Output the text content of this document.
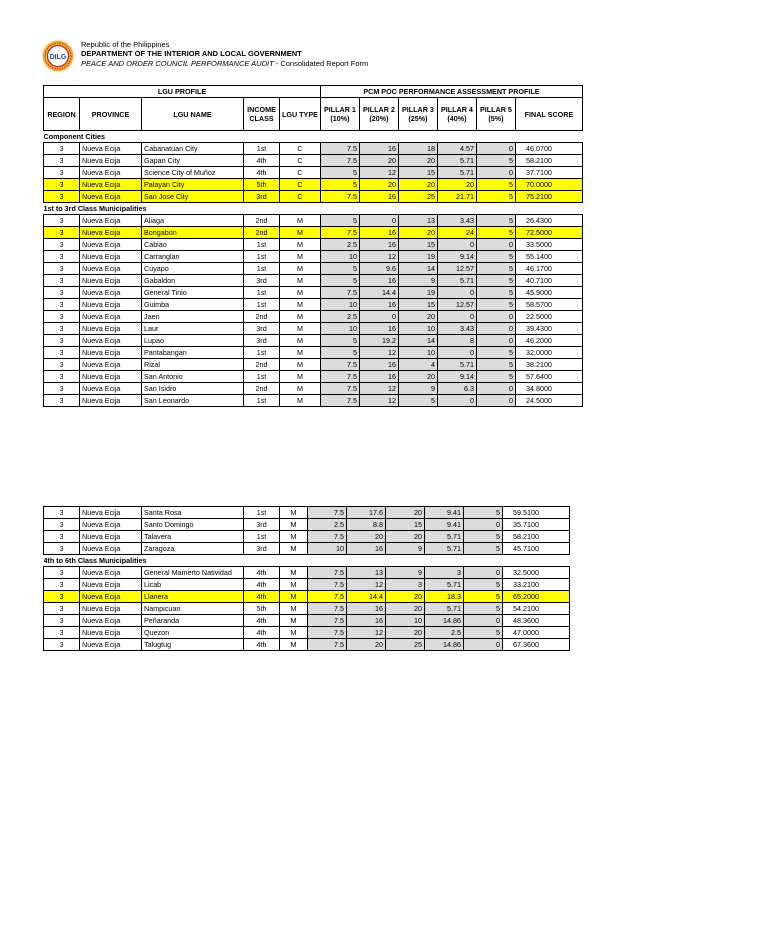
DILG
Republic of the Philippines
DEPARTMENT OF THE INTERIOR AND LOCAL GOVERNMENT
PEACE AND ORDER COUNCIL PERFORMANCE AUDIT - Consolidated Report Form
LGU PROFILE					PCM POC PERFORMANCE ASSESSMENT PROFILE					
REGION	PROVINCE	LGU NAME	INCOME CLASS	LGU TYPE	PILLAR 1 (10%)	PILLAR 2 (20%)	PILLAR 3 (25%)	PILLAR 4 (40%)	PILLAR 5 (5%)	FINAL SCORE
Component Cities										
3	Nueva Ecija	Cabanatuan City	1st	C	7.5	16	18	4.57	0	46.0700
3	Nueva Ecija	Gapan City	4th	C	7.5	20	20	5.71	5	58.2100
3	Nueva Ecija	Science City of Muñoz	4th	C	5	12	15	5.71	0	37.7100
3	Nueva Ecija	Palayan City	5th	C	5	20	20	20	5	70.0000
3	Nueva Ecija	San Jose City	3rd	C	7.5	16	25	21.71	5	75.2100
1st to 3rd Class Municipalities										
3	Nueva Ecija	Aliaga	2nd	M	5	0	13	3.43	5	26.4300
3	Nueva Ecija	Bongabon	2nd	M	7.5	16	20	24	5	72.5000
3	Nueva Ecija	Cabiao	1st	M	2.5	16	15	0	0	33.5000
3	Nueva Ecija	Carranglan	1st	M	10	12	19	9.14	5	55.1400
3	Nueva Ecija	Cuyapo	1st	M	5	9.6	14	12.57	5	46.1700
3	Nueva Ecija	Gabaldon	3rd	M	5	16	9	5.71	5	40.7100
3	Nueva Ecija	General Tinio	1st	M	7.5	14.4	19	0	5	45.9000
3	Nueva Ecija	Guimba	1st	M	10	16	15	12.57	5	58.5700
3	Nueva Ecija	Jaen	2nd	M	2.5	0	20	0	0	22.5000
3	Nueva Ecija	Laur	3rd	M	10	16	10	3.43	0	39.4300
3	Nueva Ecija	Lupao	3rd	M	5	19.2	14	8	0	46.2000
3	Nueva Ecija	Pantabangan	1st	M	5	12	10	0	5	32.0000
3	Nueva Ecija	Rizal	2nd	M	7.5	16	4	5.71	5	38.2100
3	Nueva Ecija	San Antonio	1st	M	7.5	16	20	9.14	5	57.6400
3	Nueva Ecija	San Isidro	2nd	M	7.5	12	9	6.3	0	34.8000
3	Nueva Ecija	San Leonardo	1st	M	7.5	12	5	0	0	24.5000
3	Nueva Ecija	Santa Rosa	1st	M	7.5	17.6	20	9.41	5	59.5100
3	Nueva Ecija	Santo Domingo	3rd	M	2.5	8.8	15	9.41	0	35.7100
3	Nueva Ecija	Talavera	1st	M	7.5	20	20	5.71	5	58.2100
3	Nueva Ecija	Zaragoza	3rd	M	10	16	9	5.71	5	45.7100
4th to 6th Class Municipalities										
3	Nueva Ecija	General Mamerto Natividad	4th	M	7.5	13	9	3	0	32.5000
3	Nueva Ecija	Licab	4th	M	7.5	12	3	5.71	5	33.2100
3	Nueva Ecija	Llanera	4th	M	7.5	14.4	20	18.3	5	65.2000
3	Nueva Ecija	Nampicuan	5th	M	7.5	16	20	5.71	5	54.2100
3	Nueva Ecija	Peñaranda	4th	M	7.5	16	10	14.86	0	48.3600
3	Nueva Ecija	Quezon	4th	M	7.5	12	20	2.5	5	47.0000
3	Nueva Ecija	Talugtug	4th	M	7.5	20	25	14.86	0	67.3600
